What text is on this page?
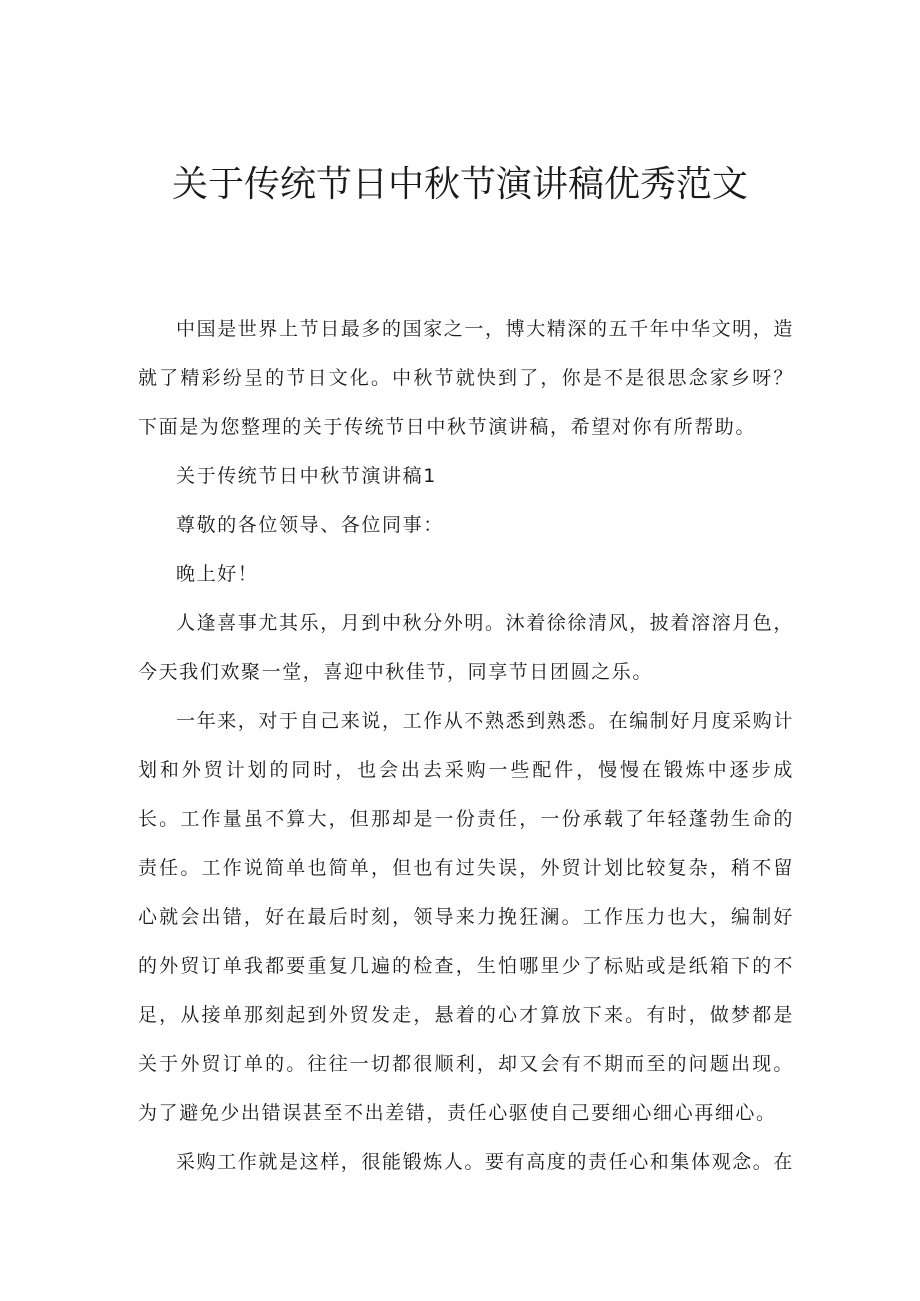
关于传统节日中秋节演讲稿优秀范文

中国是世界上节日最多的国家之一，博大精深的五千年中华文明，造就了精彩纷呈的节日文化。中秋节就快到了，你是不是很思念家乡呀？下面是为您整理的关于传统节日中秋节演讲稿，希望对你有所帮助。

关于传统节日中秋节演讲稿1

尊敬的各位领导、各位同事：

晚上好！

人逢喜事尤其乐，月到中秋分外明。沐着徐徐清风，披着溶溶月色，今天我们欢聚一堂，喜迎中秋佳节，同享节日团圆之乐。

一年来，对于自己来说，工作从不熟悉到熟悉。在编制好月度采购计划和外贸计划的同时，也会出去采购一些配件，慢慢在锻炼中逐步成长。工作量虽不算大，但那却是一份责任，一份承载了年轻蓬勃生命的责任。工作说简单也简单，但也有过失误，外贸计划比较复杂，稍不留心就会出错，好在最后时刻，领导来力挽狂澜。工作压力也大，编制好的外贸订单我都要重复几遍的检查，生怕哪里少了标贴或是纸箱下的不足，从接单那刻起到外贸发走，悬着的心才算放下来。有时，做梦都是关于外贸订单的。往往一切都很顺利，却又会有不期而至的问题出现。为了避免少出错误甚至不出差错，责任心驱使自己要细心细心再细心。

采购工作就是这样，很能锻炼人。要有高度的责任心和集体观念。在
